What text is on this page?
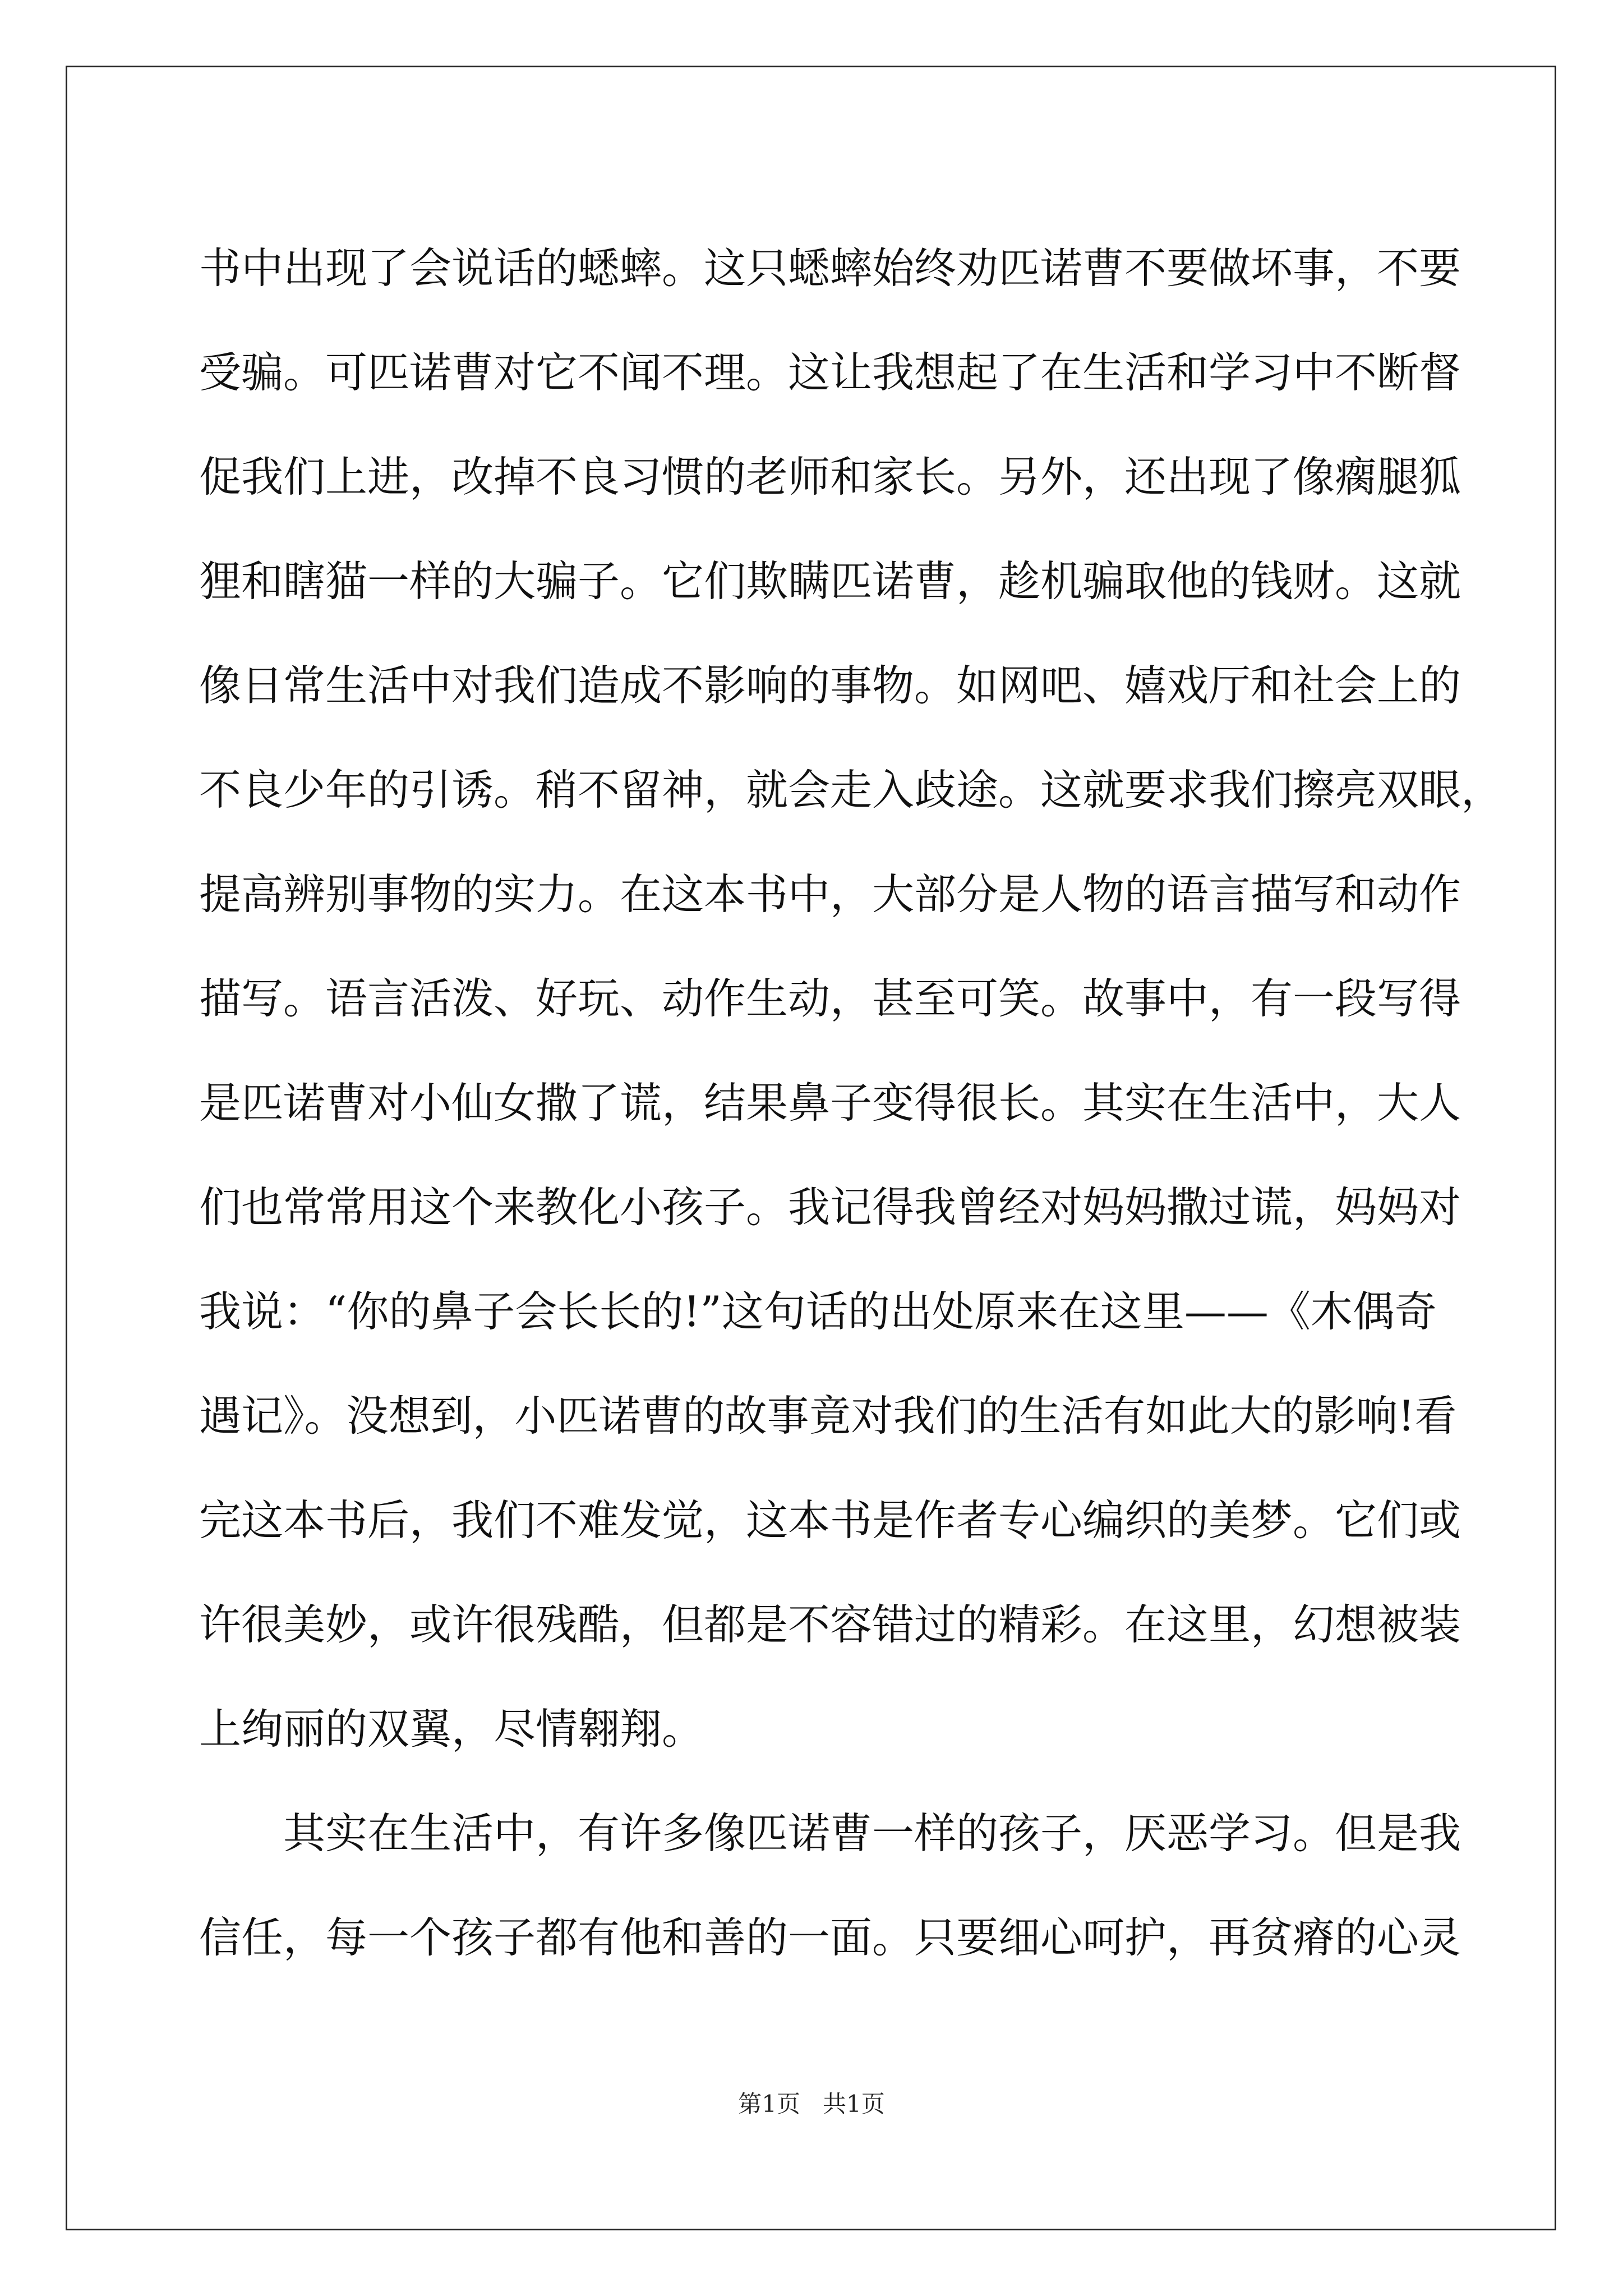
书中出现了会说话的蟋蟀。这只蟋蟀始终劝匹诺曹不要做坏事，不要
受骗。可匹诺曹对它不闻不理。这让我想起了在生活和学习中不断督
促我们上进，改掉不良习惯的老师和家长。另外，还出现了像瘸腿狐
狸和瞎猫一样的大骗子。它们欺瞒匹诺曹，趁机骗取他的钱财。这就
像日常生活中对我们造成不影响的事物。如网吧、嬉戏厅和社会上的
不良少年的引诱。稍不留神，就会走入歧途。这就要求我们擦亮双眼，
提高辨别事物的实力。在这本书中，大部分是人物的语言描写和动作
描写。语言活泼、好玩、动作生动，甚至可笑。故事中，有一段写得
是匹诺曹对小仙女撒了谎，结果鼻子变得很长。其实在生活中，大人
们也常常用这个来教化小孩子。我记得我曾经对妈妈撒过谎，妈妈对
我说：“你的鼻子会长长的!”这句话的出处原来在这里——《木偶奇
遇记》。没想到，小匹诺曹的故事竟对我们的生活有如此大的影响!看
完这本书后，我们不难发觉，这本书是作者专心编织的美梦。它们或
许很美妙，或许很残酷，但都是不容错过的精彩。在这里，幻想被装
上绚丽的双翼，尽情翱翔。
其实在生活中，有许多像匹诺曹一样的孩子，厌恶学习。但是我
信任，每一个孩子都有他和善的一面。只要细心呵护，再贫瘠的心灵
第1页 共1页
